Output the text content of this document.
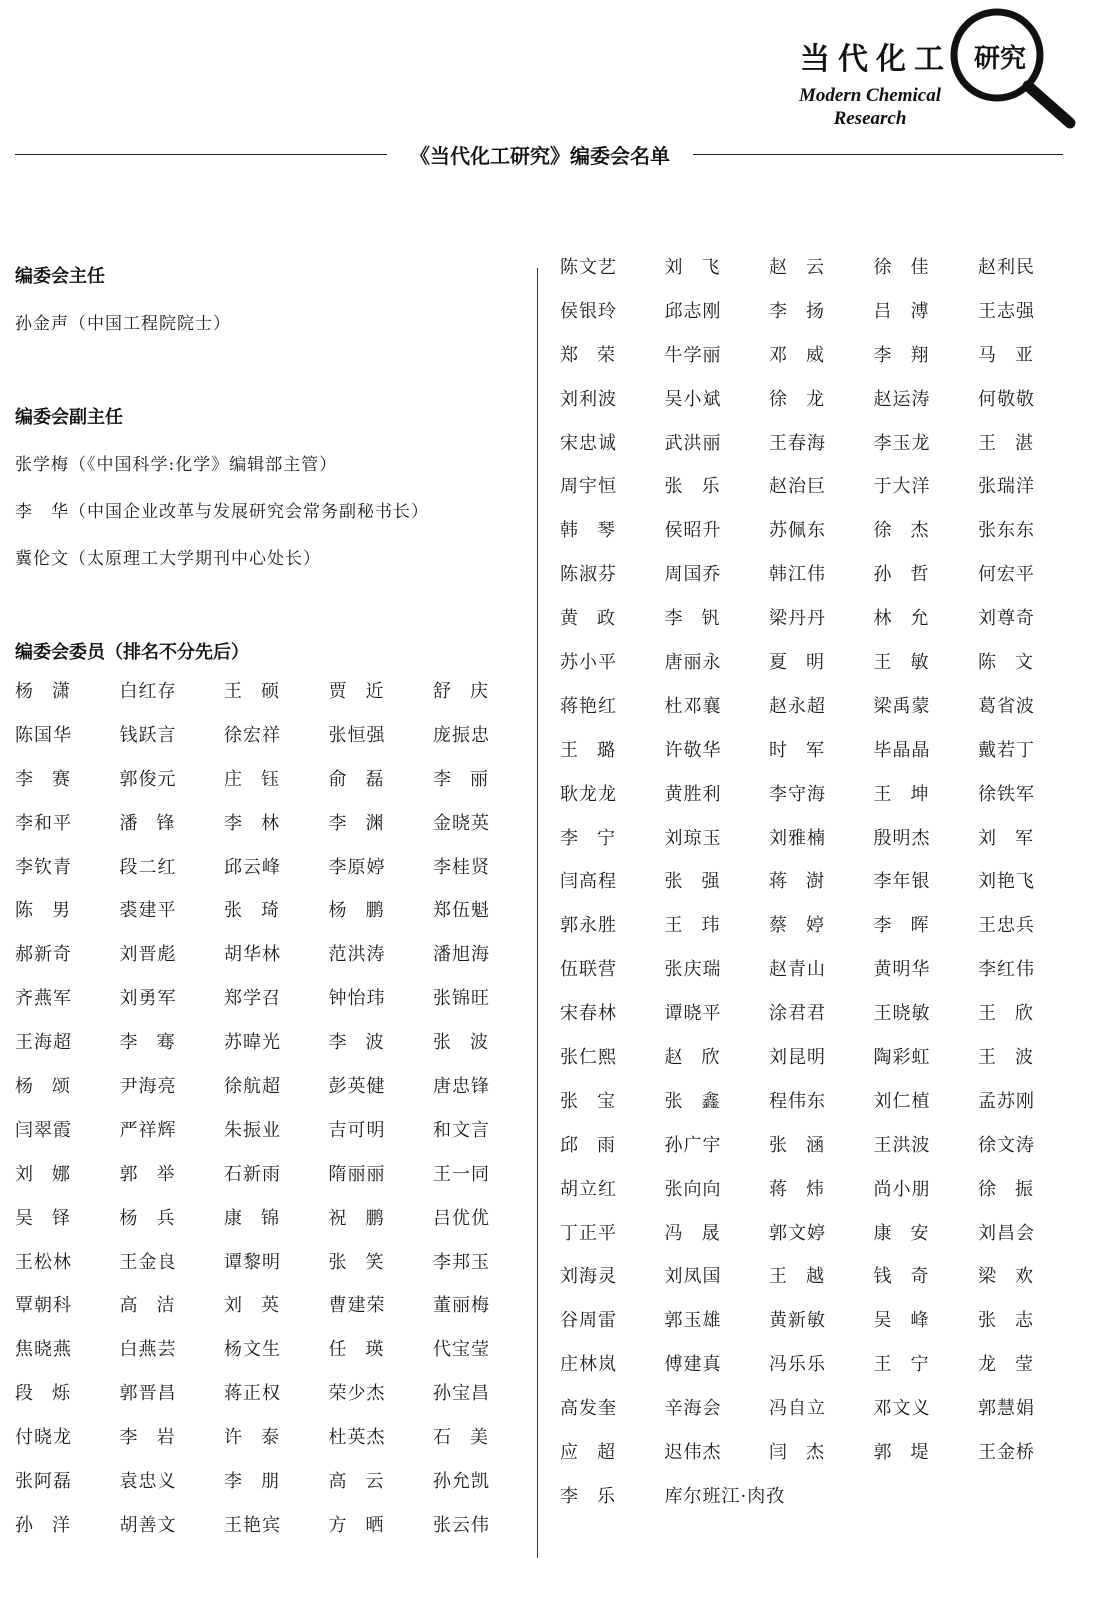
当代化工 研究
Modern Chemical
Research
《当代化工研究》编委会名单
编委会主任
孙金声（中国工程院院士）
编委会副主任
张学梅（《中国科学:化学》编辑部主管）
李　华（中国企业改革与发展研究会常务副秘书长）
冀伦文（太原理工大学期刊中心处长）
编委会委员（排名不分先后）
杨潇	白红存	王硕	贾近	舒庆
陈国华	钱跃言	徐宏祥	张恒强	庞振忠
李赛	郭俊元	庄钰	俞磊	李丽
李和平	潘锋	李林	李渊	金晓英
李钦青	段二红	邱云峰	李原婷	李桂贤
陈男	裘建平	张琦	杨鹏	郑伍魁
郝新奇	刘晋彪	胡华林	范洪涛	潘旭海
齐燕军	刘勇军	郑学召	钟怡玮	张锦旺
王海超	李骞	苏暐光	李波	张波
杨颂	尹海亮	徐航超	彭英健	唐忠锋
闫翠霞	严祥辉	朱振业	吉可明	和文言
刘娜	郭举	石新雨	隋丽丽	王一同
吴铎	杨兵	康锦	祝鹏	吕优优
王松林	王金良	谭黎明	张笑	李邦玉
覃朝科	高洁	刘英	曹建荣	董丽梅
焦晓燕	白燕芸	杨文生	任瑛	代宝莹
段烁	郭晋昌	蒋正权	荣少杰	孙宝昌
付晓龙	李岩	许泰	杜英杰	石美
张阿磊	袁忠义	李朋	高云	孙允凯
孙洋	胡善文	王艳宾	方晒	张云伟
陈文艺	刘飞	赵云	徐佳	赵利民
侯银玲	邱志刚	李扬	吕溥	王志强
郑荣	牛学丽	邓威	李翔	马亚
刘利波	吴小斌	徐龙	赵运涛	何敬敬
宋忠诚	武洪丽	王春海	李玉龙	王湛
周宇恒	张乐	赵治巨	于大洋	张瑞洋
韩琴	侯昭升	苏佩东	徐杰	张东东
陈淑芬	周国乔	韩江伟	孙哲	何宏平
黄政	李钒	梁丹丹	林允	刘尊奇
苏小平	唐丽永	夏明	王敏	陈文
蒋艳红	杜邓襄	赵永超	梁禹蒙	葛省波
王璐	许敬华	时军	毕晶晶	戴若丁
耿龙龙	黄胜利	李守海	王坤	徐铁军
李宁	刘琼玉	刘雅楠	殷明杰	刘军
闫高程	张强	蒋澍	李年银	刘艳飞
郭永胜	王玮	蔡婷	李晖	王忠兵
伍联营	张庆瑞	赵青山	黄明华	李红伟
宋春林	谭晓平	涂君君	王晓敏	王欣
张仁熙	赵欣	刘昆明	陶彩虹	王波
张宝	张鑫	程伟东	刘仁植	孟苏刚
邱雨	孙广宇	张涵	王洪波	徐文涛
胡立红	张向向	蒋炜	尚小朋	徐振
丁正平	冯晟	郭文婷	康安	刘昌会
刘海灵	刘凤国	王越	钱奇	梁欢
谷周雷	郭玉雄	黄新敏	吴峰	张志
庄林岚	傅建真	冯乐乐	王宁	龙莹
高发奎	辛海会	冯自立	邓文义	郭慧娟
应超	迟伟杰	闫杰	郭堤	王金桥
李乐	库尔班江·肉孜
